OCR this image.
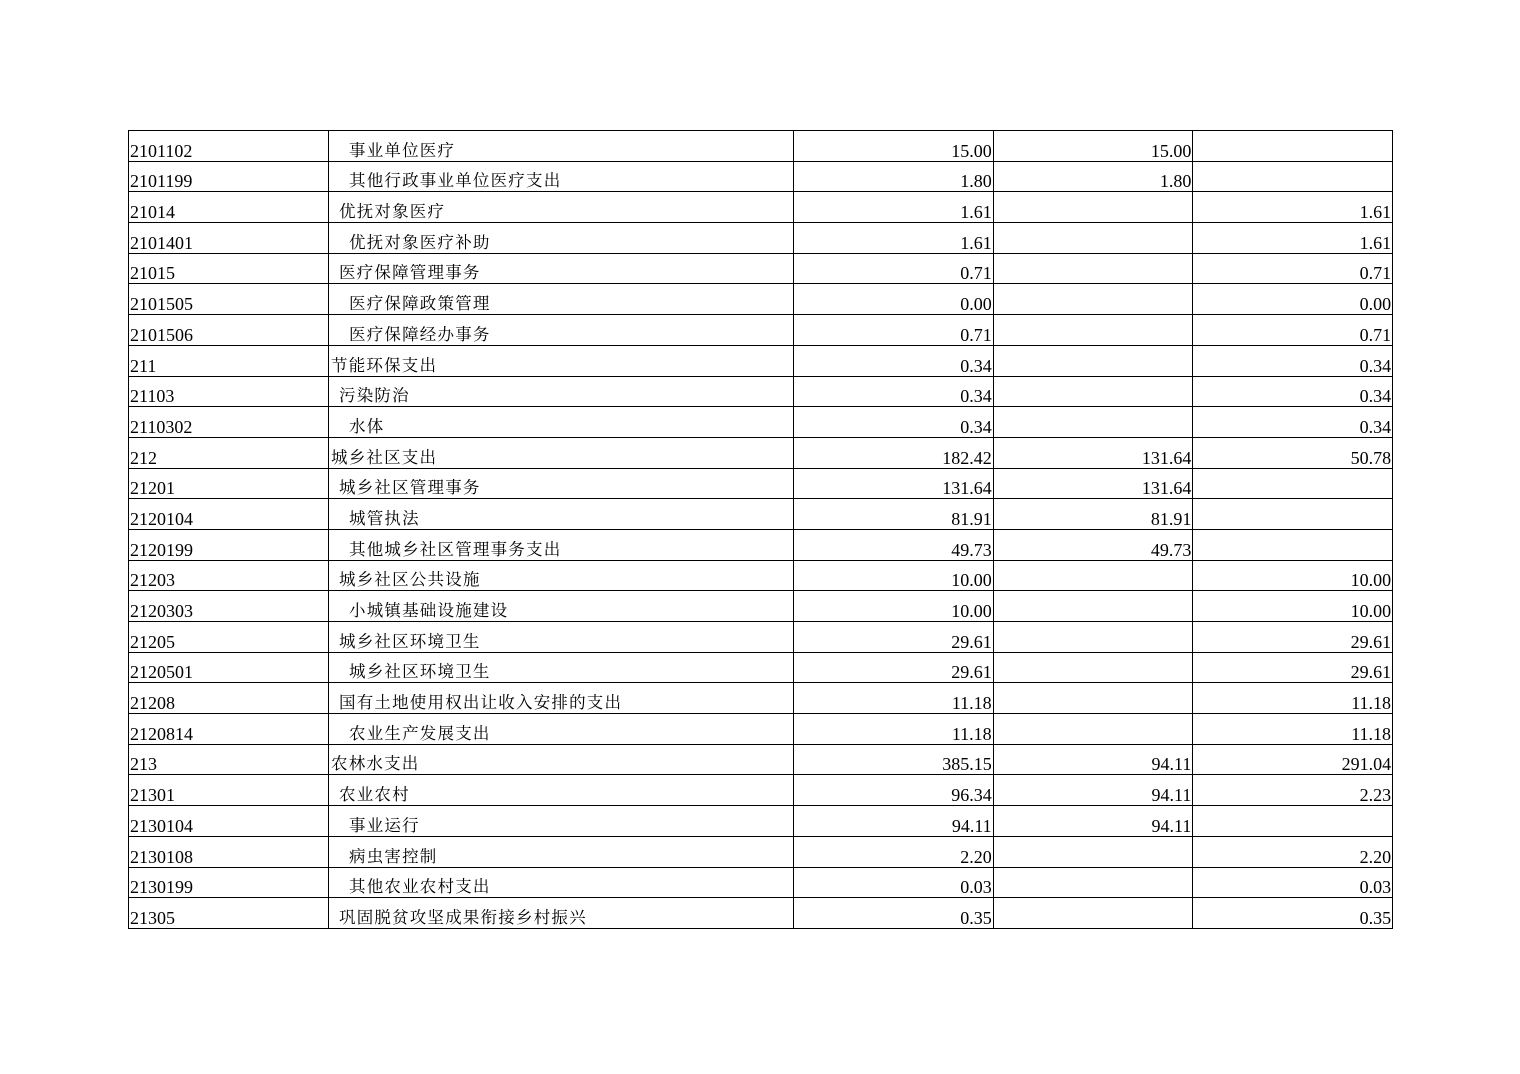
2101102	事业单位医疗	15.00	15.00	
2101199	其他行政事业单位医疗支出	1.80	1.80	
21014	优抚对象医疗	1.61		1.61
2101401	优抚对象医疗补助	1.61		1.61
21015	医疗保障管理事务	0.71		0.71
2101505	医疗保障政策管理	0.00		0.00
2101506	医疗保障经办事务	0.71		0.71
211	节能环保支出	0.34		0.34
21103	污染防治	0.34		0.34
2110302	水体	0.34		0.34
212	城乡社区支出	182.42	131.64	50.78
21201	城乡社区管理事务	131.64	131.64	
2120104	城管执法	81.91	81.91	
2120199	其他城乡社区管理事务支出	49.73	49.73	
21203	城乡社区公共设施	10.00		10.00
2120303	小城镇基础设施建设	10.00		10.00
21205	城乡社区环境卫生	29.61		29.61
2120501	城乡社区环境卫生	29.61		29.61
21208	国有土地使用权出让收入安排的支出	11.18		11.18
2120814	农业生产发展支出	11.18		11.18
213	农林水支出	385.15	94.11	291.04
21301	农业农村	96.34	94.11	2.23
2130104	事业运行	94.11	94.11	
2130108	病虫害控制	2.20		2.20
2130199	其他农业农村支出	0.03		0.03
21305	巩固脱贫攻坚成果衔接乡村振兴	0.35		0.35
